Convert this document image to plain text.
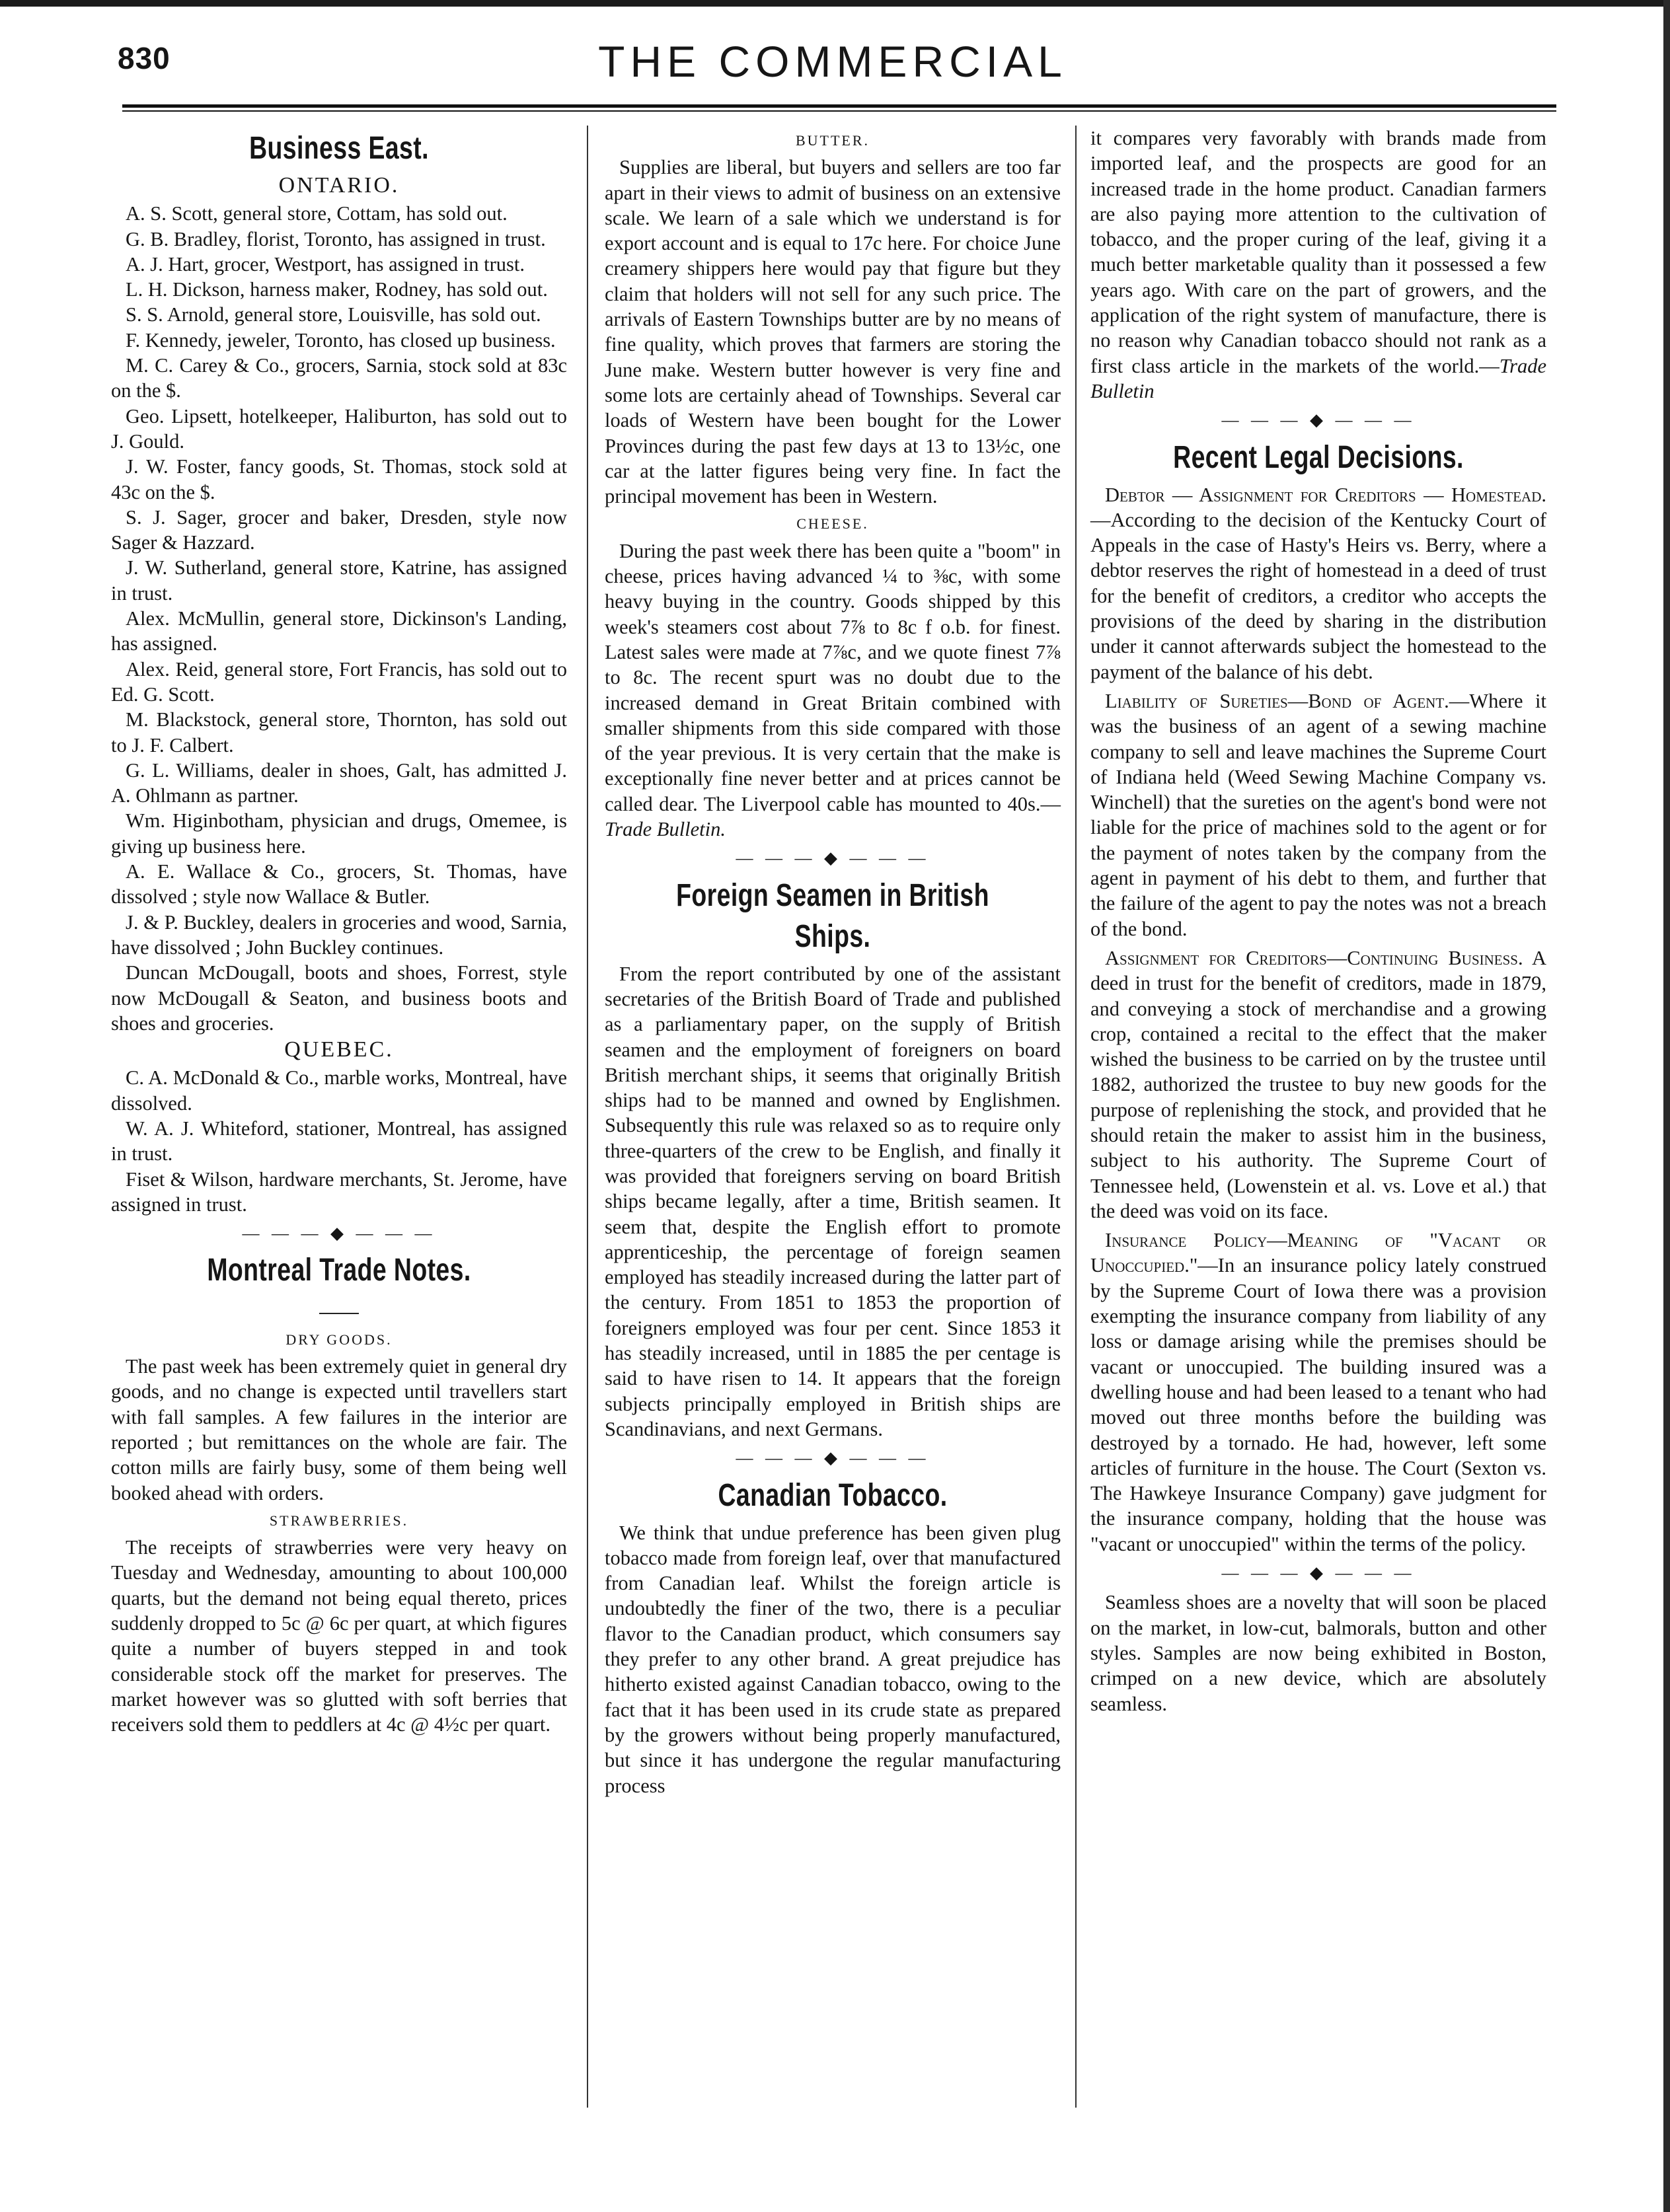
830	THE COMMERCIAL
Business East.
ONTARIO.

A. S. Scott, general store, Cottam, has sold out.

G. B. Bradley, florist, Toronto, has assigned in trust.

A. J. Hart, grocer, Westport, has assigned in trust.

L. H. Dickson, harness maker, Rodney, has sold out.

S. S. Arnold, general store, Louisville, has sold out.

F. Kennedy, jeweler, Toronto, has closed up business.

M. C. Carey & Co., grocers, Sarnia, stock sold at 83c on the $.

Geo. Lipsett, hotelkeeper, Haliburton, has sold out to J. Gould.

J. W. Foster, fancy goods, St. Thomas, stock sold at 43c on the $.

S. J. Sager, grocer and baker, Dresden, style now Sager & Hazzard.

J. W. Sutherland, general store, Katrine, has assigned in trust.

Alex. McMullin, general store, Dickinson's Landing, has assigned.

Alex. Reid, general store, Fort Francis, has sold out to Ed. G. Scott.

M. Blackstock, general store, Thornton, has sold out to J. F. Calbert.

G. L. Williams, dealer in shoes, Galt, has admitted J. A. Ohlmann as partner.

Wm. Higinbotham, physician and drugs, Omemee, is giving up business here.

A. E. Wallace & Co., grocers, St. Thomas, have dissolved ; style now Wallace & Butler.

J. & P. Buckley, dealers in groceries and wood, Sarnia, have dissolved ; John Buckley continues.

Duncan McDougall, boots and shoes, Forrest, style now McDougall & Seaton, and business boots and shoes and groceries.

QUEBEC.

C. A. McDonald & Co., marble works, Montreal, have dissolved.

W. A. J. Whiteford, stationer, Montreal, has assigned in trust.

Fiset & Wilson, hardware merchants, St. Jerome, have assigned in trust.

— — — ◆ — — —
Montreal Trade Notes.
DRY GOODS.

The past week has been extremely quiet in general dry goods, and no change is expected until travellers start with fall samples. A few failures in the interior are reported ; but remittances on the whole are fair. The cotton mills are fairly busy, some of them being well booked ahead with orders.

STRAWBERRIES.

The receipts of strawberries were very heavy on Tuesday and Wednesday, amounting to about 100,000 quarts, but the demand not being equal thereto, prices suddenly dropped to 5c @ 6c per quart, at which figures quite a number of buyers stepped in and took considerable stock off the market for preserves. The market however was so glutted with soft berries that receivers sold them to peddlers at 4c @ 4½c per quart.

BUTTER.

Supplies are liberal, but buyers and sellers are too far apart in their views to admit of business on an extensive scale. We learn of a sale which we understand is for export account and is equal to 17c here. For choice June creamery shippers here would pay that figure but they claim that holders will not sell for any such price. The arrivals of Eastern Townships butter are by no means of fine quality, which proves that farmers are storing the June make. Western butter however is very fine and some lots are certainly ahead of Townships. Several car loads of Western have been bought for the Lower Provinces during the past few days at 13 to 13½c, one car at the latter figures being very fine. In fact the principal movement has been in Western.

CHEESE.

During the past week there has been quite a "boom" in cheese, prices having advanced ¼ to ⅜c, with some heavy buying in the country. Goods shipped by this week's steamers cost about 7⅞ to 8c f o.b. for finest. Latest sales were made at 7⅞c, and we quote finest 7⅞ to 8c. The recent spurt was no doubt due to the increased demand in Great Britain combined with smaller shipments from this side compared with those of the year previous. It is very certain that the make is exceptionally fine never better and at prices cannot be called dear. The Liverpool cable has mounted to 40s.—Trade Bulletin.

— — — ◆ — — —
Foreign Seamen in British Ships.

From the report contributed by one of the assistant secretaries of the British Board of Trade and published as a parliamentary paper, on the supply of British seamen and the employment of foreigners on board British merchant ships, it seems that originally British ships had to be manned and owned by Englishmen. Subsequently this rule was relaxed so as to require only three-quarters of the crew to be English, and finally it was provided that foreigners serving on board British ships became legally, after a time, British seamen. It seem that, despite the English effort to promote apprenticeship, the percentage of foreign seamen employed has steadily increased during the latter part of the century. From 1851 to 1853 the proportion of foreigners employed was four per cent. Since 1853 it has steadily increased, until in 1885 the per centage is said to have risen to 14. It appears that the foreign subjects principally employed in British ships are Scandinavians, and next Germans.

— — — ◆ — — —
Canadian Tobacco.

We think that undue preference has been given plug tobacco made from foreign leaf, over that manufactured from Canadian leaf. Whilst the foreign article is undoubtedly the finer of the two, there is a peculiar flavor to the Canadian product, which consumers say they prefer to any other brand. A great prejudice has hitherto existed against Canadian tobacco, owing to the fact that it has been used in its crude state as prepared by the growers without being properly manufactured, but since it has undergone the regular manufacturing process

it compares very favorably with brands made from imported leaf, and the prospects are good for an increased trade in the home product. Canadian farmers are also paying more attention to the cultivation of tobacco, and the proper curing of the leaf, giving it a much better marketable quality than it possessed a few years ago. With care on the part of growers, and the application of the right system of manufacture, there is no reason why Canadian tobacco should not rank as a first class article in the markets of the world.—Trade Bulletin

— — — ◆ — — —
Recent Legal Decisions.

Debtor — Assignment for Creditors — Homestead.—According to the decision of the Kentucky Court of Appeals in the case of Hasty's Heirs vs. Berry, where a debtor reserves the right of homestead in a deed of trust for the benefit of creditors, a creditor who accepts the provisions of the deed by sharing in the distribution under it cannot afterwards subject the homestead to the payment of the balance of his debt.

Liability of Sureties—Bond of Agent.—Where it was the business of an agent of a sewing machine company to sell and leave machines the Supreme Court of Indiana held (Weed Sewing Machine Company vs. Winchell) that the sureties on the agent's bond were not liable for the price of machines sold to the agent or for the payment of notes taken by the company from the agent in payment of his debt to them, and further that the failure of the agent to pay the notes was not a breach of the bond.

Assignment for Creditors—Continuing Business. A deed in trust for the benefit of creditors, made in 1879, and conveying a stock of merchandise and a growing crop, contained a recital to the effect that the maker wished the business to be carried on by the trustee until 1882, authorized the trustee to buy new goods for the purpose of replenishing the stock, and provided that he should retain the maker to assist him in the business, subject to his authority. The Supreme Court of Tennessee held, (Lowenstein et al. vs. Love et al.) that the deed was void on its face.

Insurance Policy—Meaning of "Vacant or Unoccupied."—In an insurance policy lately construed by the Supreme Court of Iowa there was a provision exempting the insurance company from liability of any loss or damage arising while the premises should be vacant or unoccupied. The building insured was a dwelling house and had been leased to a tenant who had moved out three months before the building was destroyed by a tornado. He had, however, left some articles of furniture in the house. The Court (Sexton vs. The Hawkeye Insurance Company) gave judgment for the insurance company, holding that the house was "vacant or unoccupied" within the terms of the policy.

— — — ◆ — — —

Seamless shoes are a novelty that will soon be placed on the market, in low-cut, balmorals, button and other styles. Samples are now being exhibited in Boston, crimped on a new device, which are absolutely seamless.
